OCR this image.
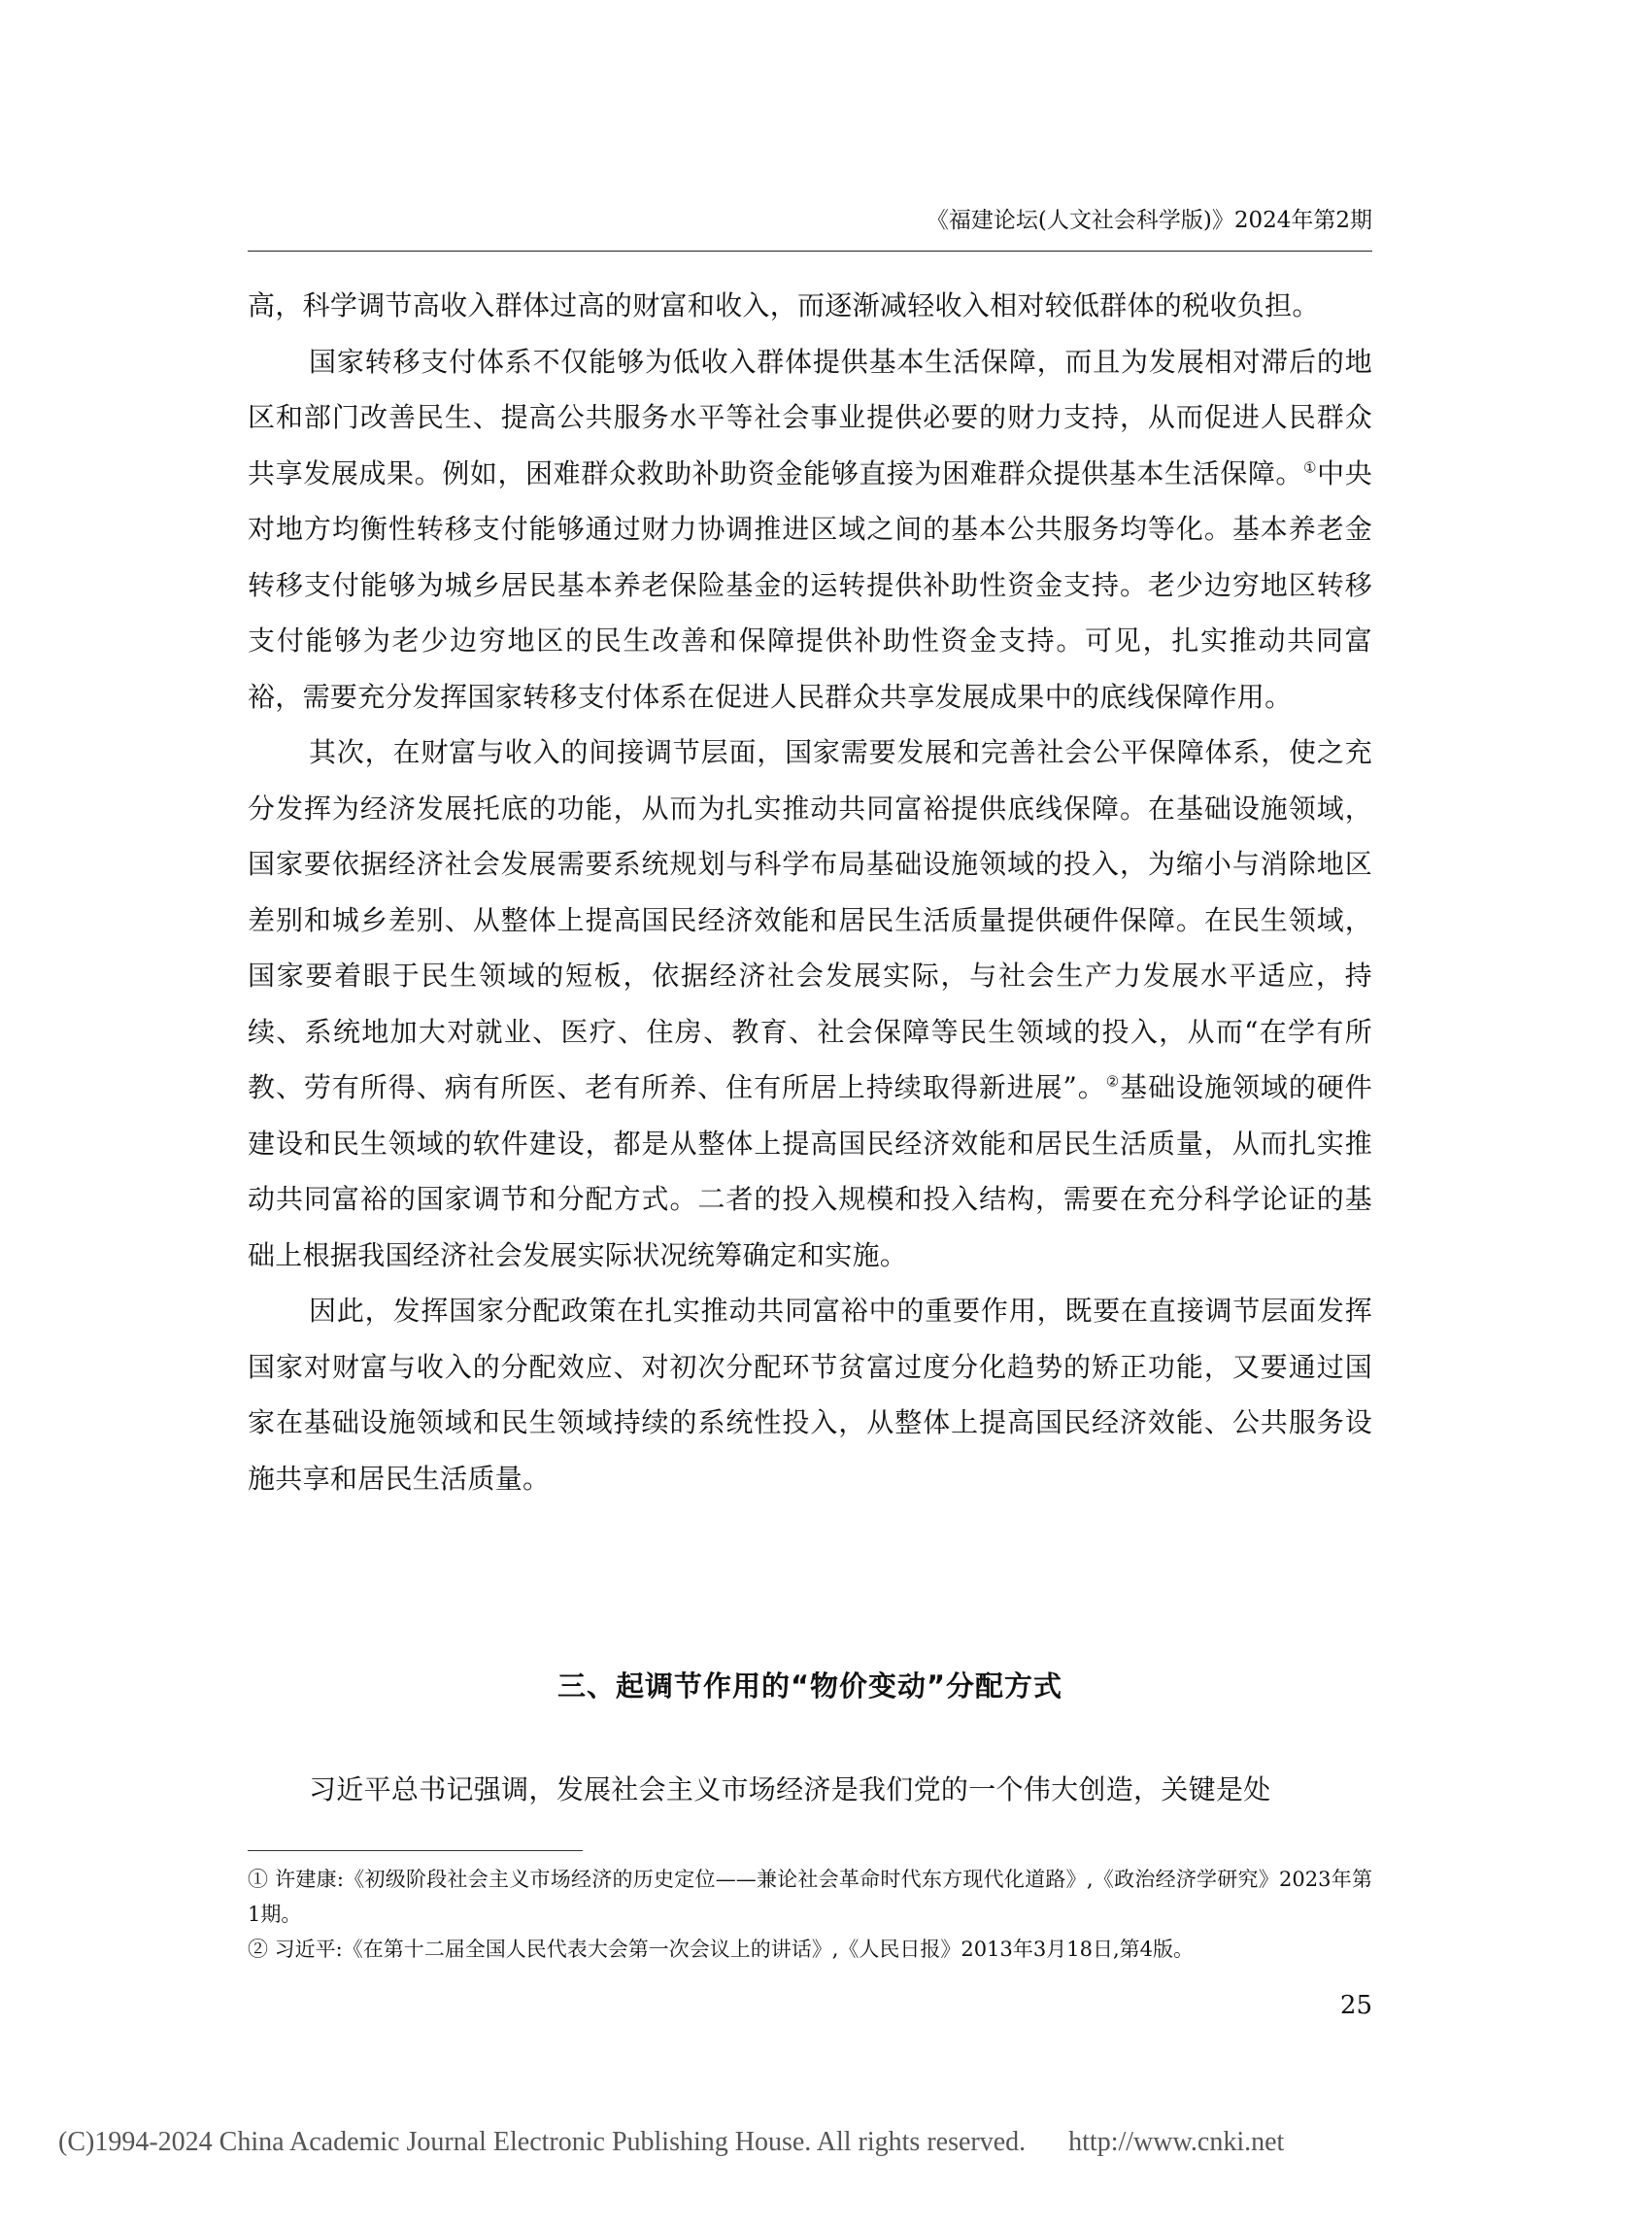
《福建论坛(人文社会科学版)》2024年第2期

高，科学调节高收入群体过高的财富和收入，而逐渐减轻收入相对较低群体的税收负担。

国家转移支付体系不仅能够为低收入群体提供基本生活保障，而且为发展相对滞后的地区和部门改善民生、提高公共服务水平等社会事业提供必要的财力支持，从而促进人民群众共享发展成果。例如，困难群众救助补助资金能够直接为困难群众提供基本生活保障。①中央对地方均衡性转移支付能够通过财力协调推进区域之间的基本公共服务均等化。基本养老金转移支付能够为城乡居民基本养老保险基金的运转提供补助性资金支持。老少边穷地区转移支付能够为老少边穷地区的民生改善和保障提供补助性资金支持。可见，扎实推动共同富裕，需要充分发挥国家转移支付体系在促进人民群众共享发展成果中的底线保障作用。

其次，在财富与收入的间接调节层面，国家需要发展和完善社会公平保障体系，使之充分发挥为经济发展托底的功能，从而为扎实推动共同富裕提供底线保障。在基础设施领域，国家要依据经济社会发展需要系统规划与科学布局基础设施领域的投入，为缩小与消除地区差别和城乡差别、从整体上提高国民经济效能和居民生活质量提供硬件保障。在民生领域，国家要着眼于民生领域的短板，依据经济社会发展实际，与社会生产力发展水平适应，持续、系统地加大对就业、医疗、住房、教育、社会保障等民生领域的投入，从而“在学有所教、劳有所得、病有所医、老有所养、住有所居上持续取得新进展”。②基础设施领域的硬件建设和民生领域的软件建设，都是从整体上提高国民经济效能和居民生活质量，从而扎实推动共同富裕的国家调节和分配方式。二者的投入规模和投入结构，需要在充分科学论证的基础上根据我国经济社会发展实际状况统筹确定和实施。

因此，发挥国家分配政策在扎实推动共同富裕中的重要作用，既要在直接调节层面发挥国家对财富与收入的分配效应、对初次分配环节贫富过度分化趋势的矫正功能，又要通过国家在基础设施领域和民生领域持续的系统性投入，从整体上提高国民经济效能、公共服务设施共享和居民生活质量。

三、起调节作用的“物价变动”分配方式

习近平总书记强调，发展社会主义市场经济是我们党的一个伟大创造，关键是处

① 许建康:《初级阶段社会主义市场经济的历史定位——兼论社会革命时代东方现代化道路》,《政治经济学研究》2023年第1期。

② 习近平:《在第十二届全国人民代表大会第一次会议上的讲话》,《人民日报》2013年3月18日,第4版。

25
(C)1994-2024 China Academic Journal Electronic Publishing House. All rights reserved. http://www.cnki.net
